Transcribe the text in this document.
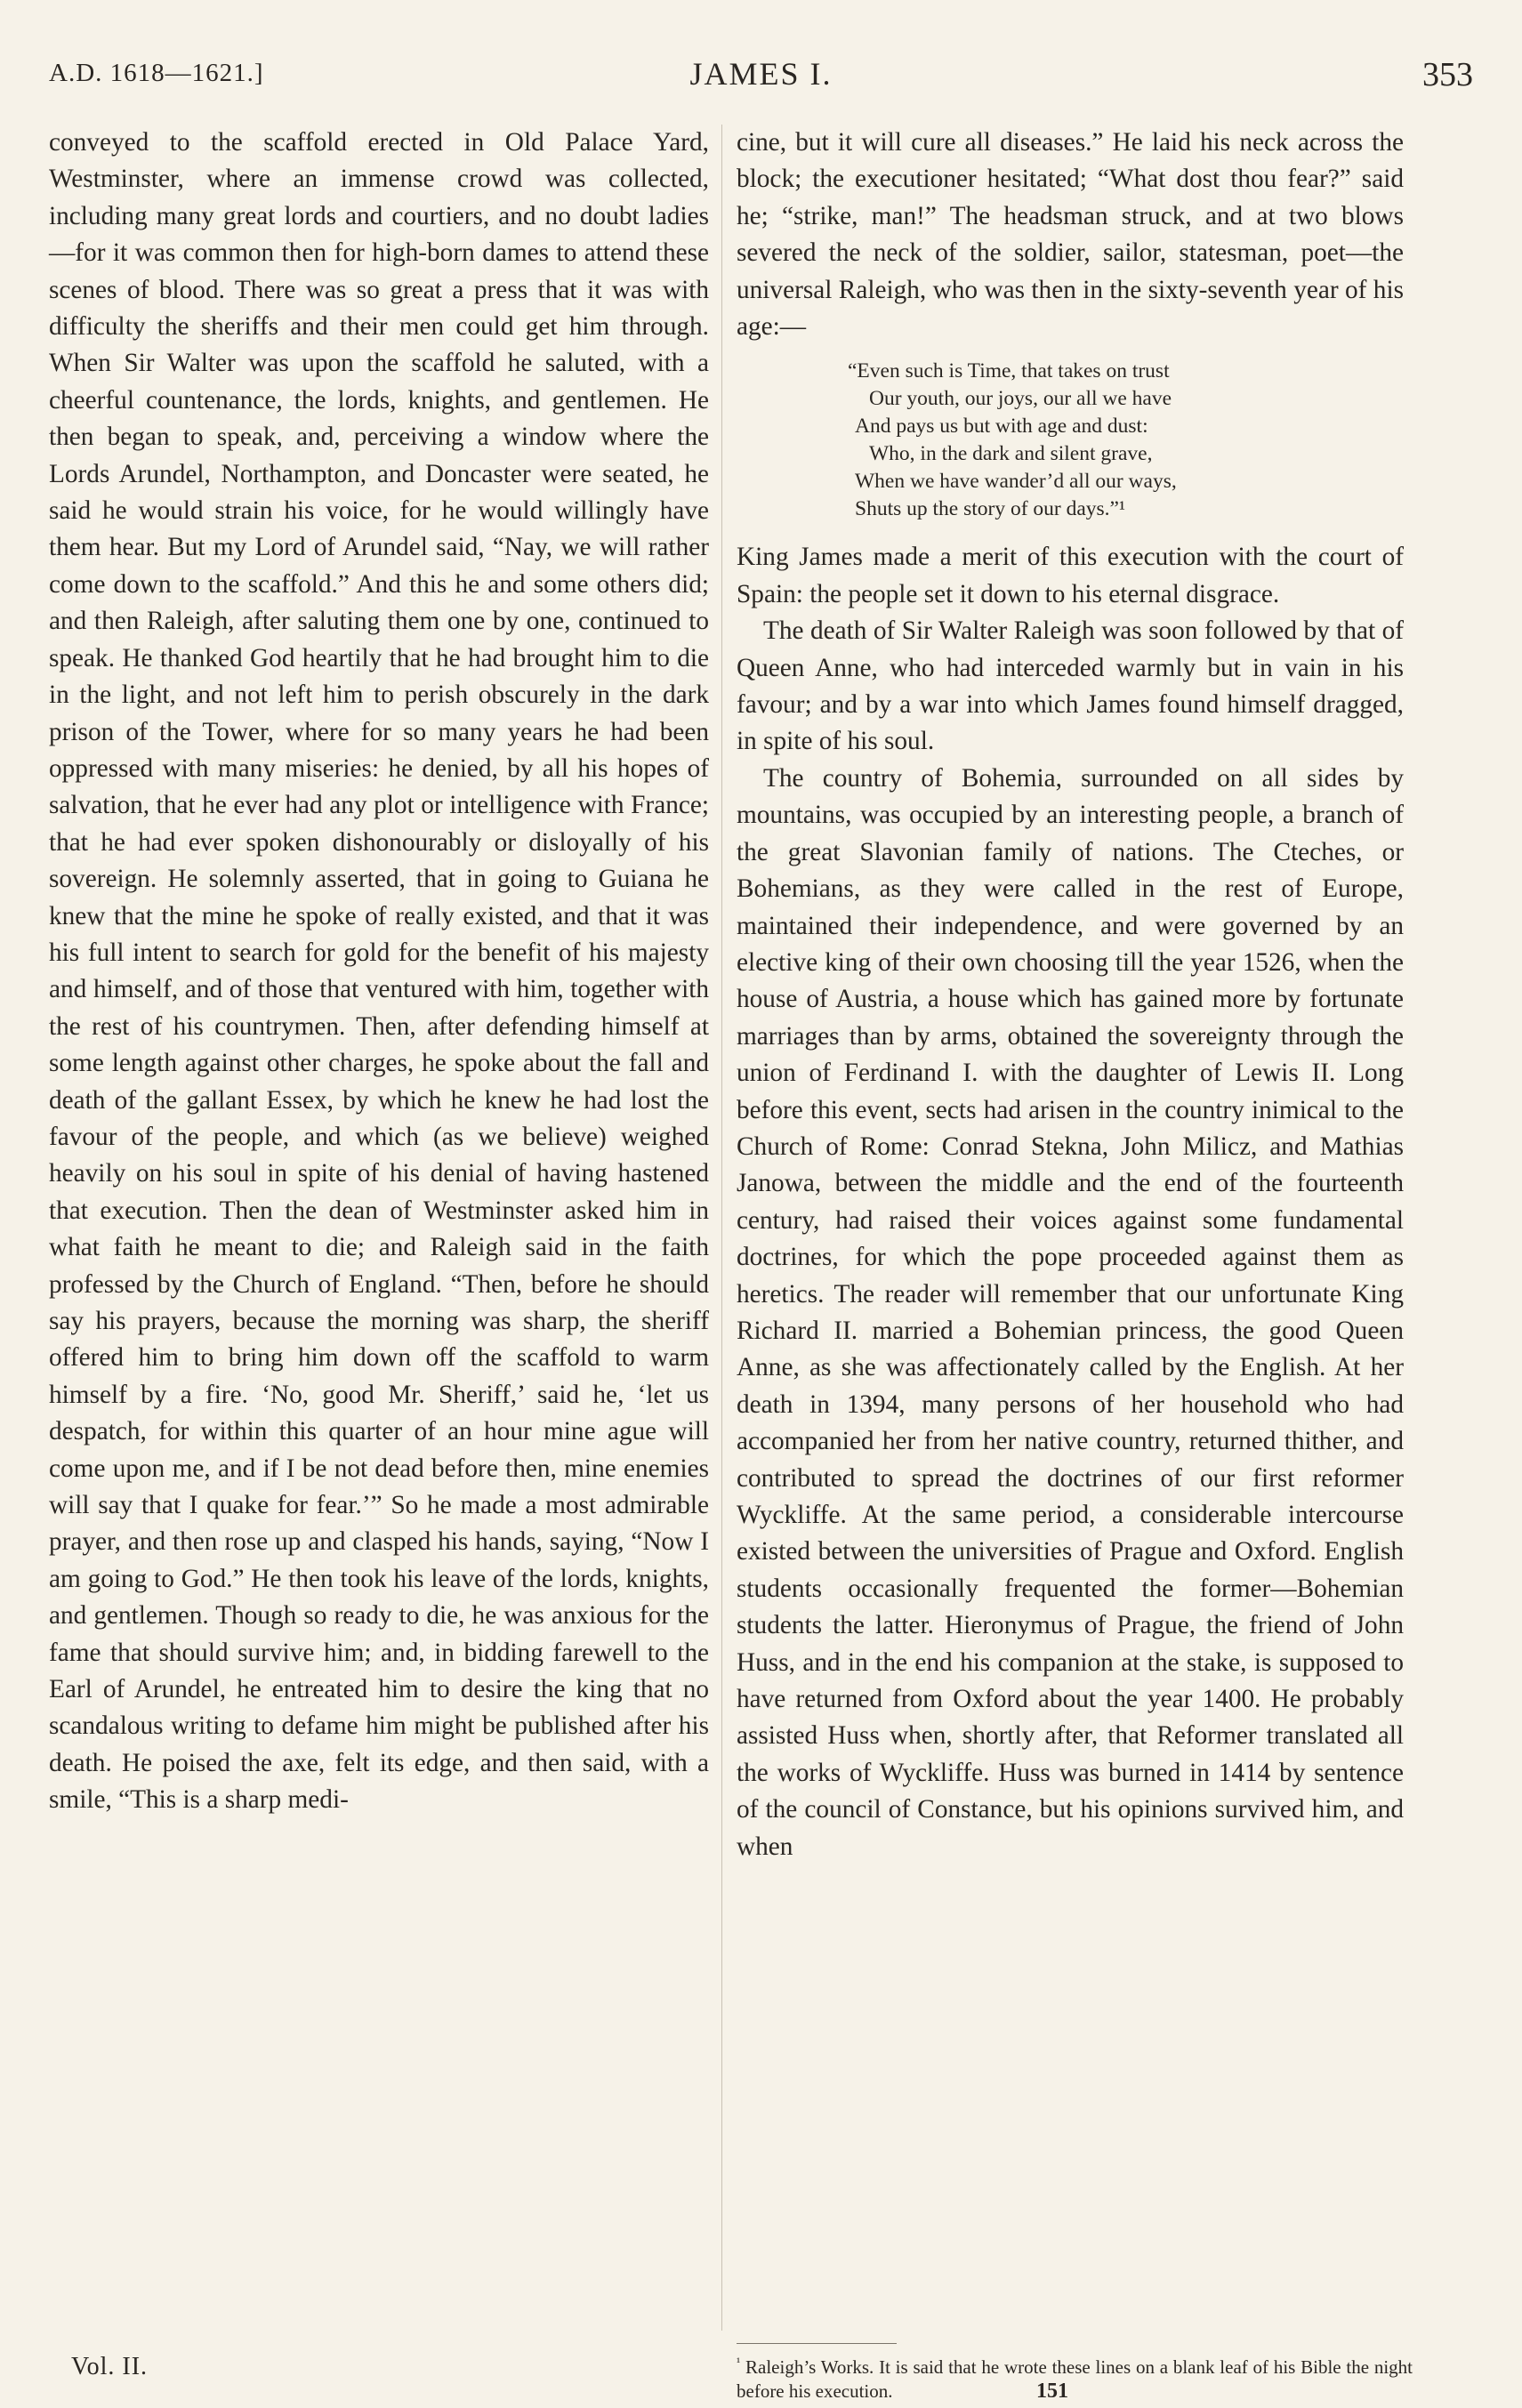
A.D. 1618—1621.]	JAMES I.	353

conveyed to the scaffold erected in Old Palace Yard, Westminster, where an immense crowd was collected, including many great lords and courtiers, and no doubt ladies—for it was common then for high-born dames to attend these scenes of blood. There was so great a press that it was with difficulty the sheriffs and their men could get him through. When Sir Walter was upon the scaffold he saluted, with a cheerful countenance, the lords, knights, and gentlemen. He then began to speak, and, perceiving a window where the Lords Arundel, Northampton, and Doncaster were seated, he said he would strain his voice, for he would willingly have them hear. But my Lord of Arundel said, “Nay, we will rather come down to the scaffold.” And this he and some others did; and then Raleigh, after saluting them one by one, continued to speak. He thanked God heartily that he had brought him to die in the light, and not left him to perish obscurely in the dark prison of the Tower, where for so many years he had been oppressed with many miseries: he denied, by all his hopes of salvation, that he ever had any plot or intelligence with France; that he had ever spoken dishonourably or disloyally of his sovereign. He solemnly asserted, that in going to Guiana he knew that the mine he spoke of really existed, and that it was his full intent to search for gold for the benefit of his majesty and himself, and of those that ventured with him, together with the rest of his countrymen. Then, after defending himself at some length against other charges, he spoke about the fall and death of the gallant Essex, by which he knew he had lost the favour of the people, and which (as we believe) weighed heavily on his soul in spite of his denial of having hastened that execution. Then the dean of Westminster asked him in what faith he meant to die; and Raleigh said in the faith professed by the Church of England. “Then, before he should say his prayers, because the morning was sharp, the sheriff offered him to bring him down off the scaffold to warm himself by a fire. ‘No, good Mr. Sheriff,’ said he, ‘let us despatch, for within this quarter of an hour mine ague will come upon me, and if I be not dead before then, mine enemies will say that I quake for fear.’” So he made a most admirable prayer, and then rose up and clasped his hands, saying, “Now I am going to God.” He then took his leave of the lords, knights, and gentlemen. Though so ready to die, he was anxious for the fame that should survive him; and, in bidding farewell to the Earl of Arundel, he entreated him to desire the king that no scandalous writing to defame him might be published after his death. He poised the axe, felt its edge, and then said, with a smile, “This is a sharp medi-

cine, but it will cure all diseases.” He laid his neck across the block; the executioner hesitated; “What dost thou fear?” said he; “strike, man!” The headsman struck, and at two blows severed the neck of the soldier, sailor, statesman, poet—the universal Raleigh, who was then in the sixty-seventh year of his age:—

“Even such is Time, that takes on trust
Our youth, our joys, our all we have
And pays us but with age and dust:
Who, in the dark and silent grave,
When we have wander’d all our ways,
Shuts up the story of our days.”¹

King James made a merit of this execution with the court of Spain: the people set it down to his eternal disgrace.

The death of Sir Walter Raleigh was soon followed by that of Queen Anne, who had interceded warmly but in vain in his favour; and by a war into which James found himself dragged, in spite of his soul.

The country of Bohemia, surrounded on all sides by mountains, was occupied by an interesting people, a branch of the great Slavonian family of nations. The Cteches, or Bohemians, as they were called in the rest of Europe, maintained their independence, and were governed by an elective king of their own choosing till the year 1526, when the house of Austria, a house which has gained more by fortunate marriages than by arms, obtained the sovereignty through the union of Ferdinand I. with the daughter of Lewis II. Long before this event, sects had arisen in the country inimical to the Church of Rome: Conrad Stekna, John Milicz, and Mathias Janowa, between the middle and the end of the fourteenth century, had raised their voices against some fundamental doctrines, for which the pope proceeded against them as heretics. The reader will remember that our unfortunate King Richard II. married a Bohemian princess, the good Queen Anne, as she was affectionately called by the English. At her death in 1394, many persons of her household who had accompanied her from her native country, returned thither, and contributed to spread the doctrines of our first reformer Wyckliffe. At the same period, a considerable intercourse existed between the universities of Prague and Oxford. English students occasionally frequented the former—Bohemian students the latter. Hieronymus of Prague, the friend of John Huss, and in the end his companion at the stake, is supposed to have returned from Oxford about the year 1400. He probably assisted Huss when, shortly after, that Reformer translated all the works of Wyckliffe. Huss was burned in 1414 by sentence of the council of Constance, but his opinions survived him, and when

$^{^1}$ Raleigh’s Works. It is said that he wrote these lines on a blank leaf of his Bible the night before his execution.
Vol. II.
151
